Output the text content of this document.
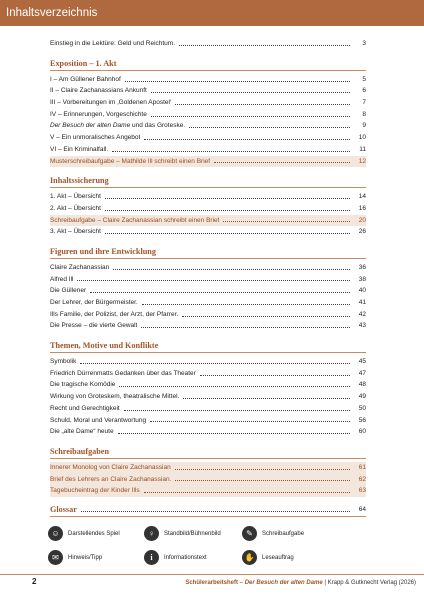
Inhaltsverzeichnis
Einstieg in die Lektüre: Geld und Reichtum.	3
Exposition – 1. Akt
I – Am Güllener Bahnhof	5
II – Claire Zachanassians Ankunft	6
III – Vorbereitungen im ‚Goldenen Apostel‘	7
IV – Erinnerungen, Vorgeschichte	8
Der Besuch der alten Dame und das Groteske.	9
V – Ein unmoralisches Angebot	10
VI – Ein Kriminalfall.	11
Musterschreibaufgabe – Mathilde Ill schreibt einen Brief	12
Inhaltssicherung
1. Akt – Übersicht	14
2. Akt – Übersicht	16
Schreibaufgabe – Claire Zachanassian schreibt einen Brief	20
3. Akt – Übersicht	26
Figuren und ihre Entwicklung
Claire Zachanassian	36
Alfred Ill	38
Die Güllener	40
Der Lehrer, der Bürgermeister.	41
Ills Familie, der Polizist, der Arzt, der Pfarrer.	42
Die Presse – die vierte Gewalt	43
Themen, Motive und Konflikte
Symbolik	45
Friedrich Dürrenmatts Gedanken über das Theater	47
Die tragische Komödie	48
Wirkung von Groteskem, theatralische Mittel.	49
Recht und Gerechtigkeit	50
Schuld, Moral und Verantwortung	56
Die „alte Dame“ heute	60
Schreibaufgaben
Innerer Monolog von Claire Zachanassian	61
Brief des Lehrers an Claire Zachanassian.	62
Tagebucheintrag der Kinder Ills	63
Glossar	64
☺ Darstellendes Spiel	♀ Standbild/Bühnenbild	✎ Schreibaufgabe
✉ Hinweis/Tipp	i Informationstext	✋ Leseauftrag
2	Schülerarbeitsheft – Der Besuch der alten Dame | Krapp & Gutknecht Verlag (2026)
